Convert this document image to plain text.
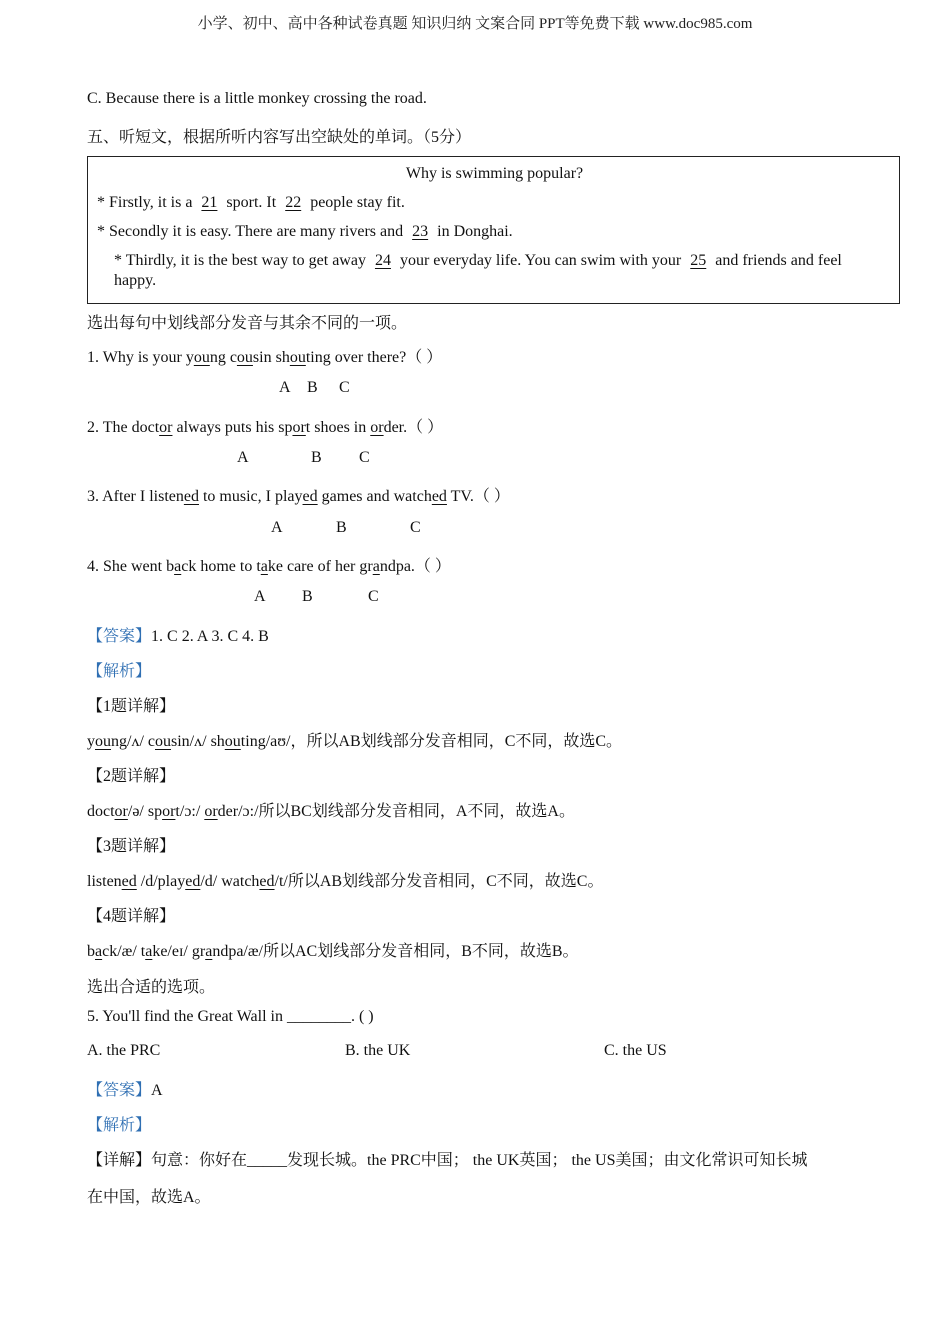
小学、初中、高中各种试卷真题 知识归纳 文案合同 PPT等免费下载 www.doc985.com
C. Because there is a little monkey crossing the road.
五、听短文，根据所听内容写出空缺处的单词。（5分）
Why is swimming popular?
* Firstly, it is a 21 sport. It 22 people stay fit.
* Secondly it is easy. There are many rivers and 23 in Donghai.
* Thirdly, it is the best way to get away 24 your everyday life. You can swim with your 25 and friends and feel
happy.
选出每句中划线部分发音与其余不同的一项。
1. Why is your young cousin shouting over there?（ ）
A B C
2. The doctor always puts his sport shoes in order.（ ）
A	B C
3. After I listened to music, I played games and watched TV.（ ）
A	B	C
4. She went back home to take care of her grandpa.（ ）
A B	C
【答案】1. C 2. A 3. C 4. B
【解析】
【1题详解】
young/ʌ/ cousin/ʌ/ shouting/aʊ/，所以AB划线部分发音相同，C不同，故选C。
【2题详解】
doctor/ə/ sport/ɔ:/ order/ɔ:/所以BC划线部分发音相同，A不同，故选A。
【3题详解】
listened /d/played/d/ watched/t/所以AB划线部分发音相同，C不同，故选C。
【4题详解】
back/æ/ take/eɪ/ grandpa/æ/所以AC划线部分发音相同，B不同，故选B。
选出合适的选项。
5. You'll find the Great Wall in ________. ( )
A. the PRC	B. the UK	C. the US
【答案】A
【解析】
【详解】句意：你好在_____发现长城。the PRC中国； the UK英国； the US美国；由文化常识可知长城
在中国，故选A。
